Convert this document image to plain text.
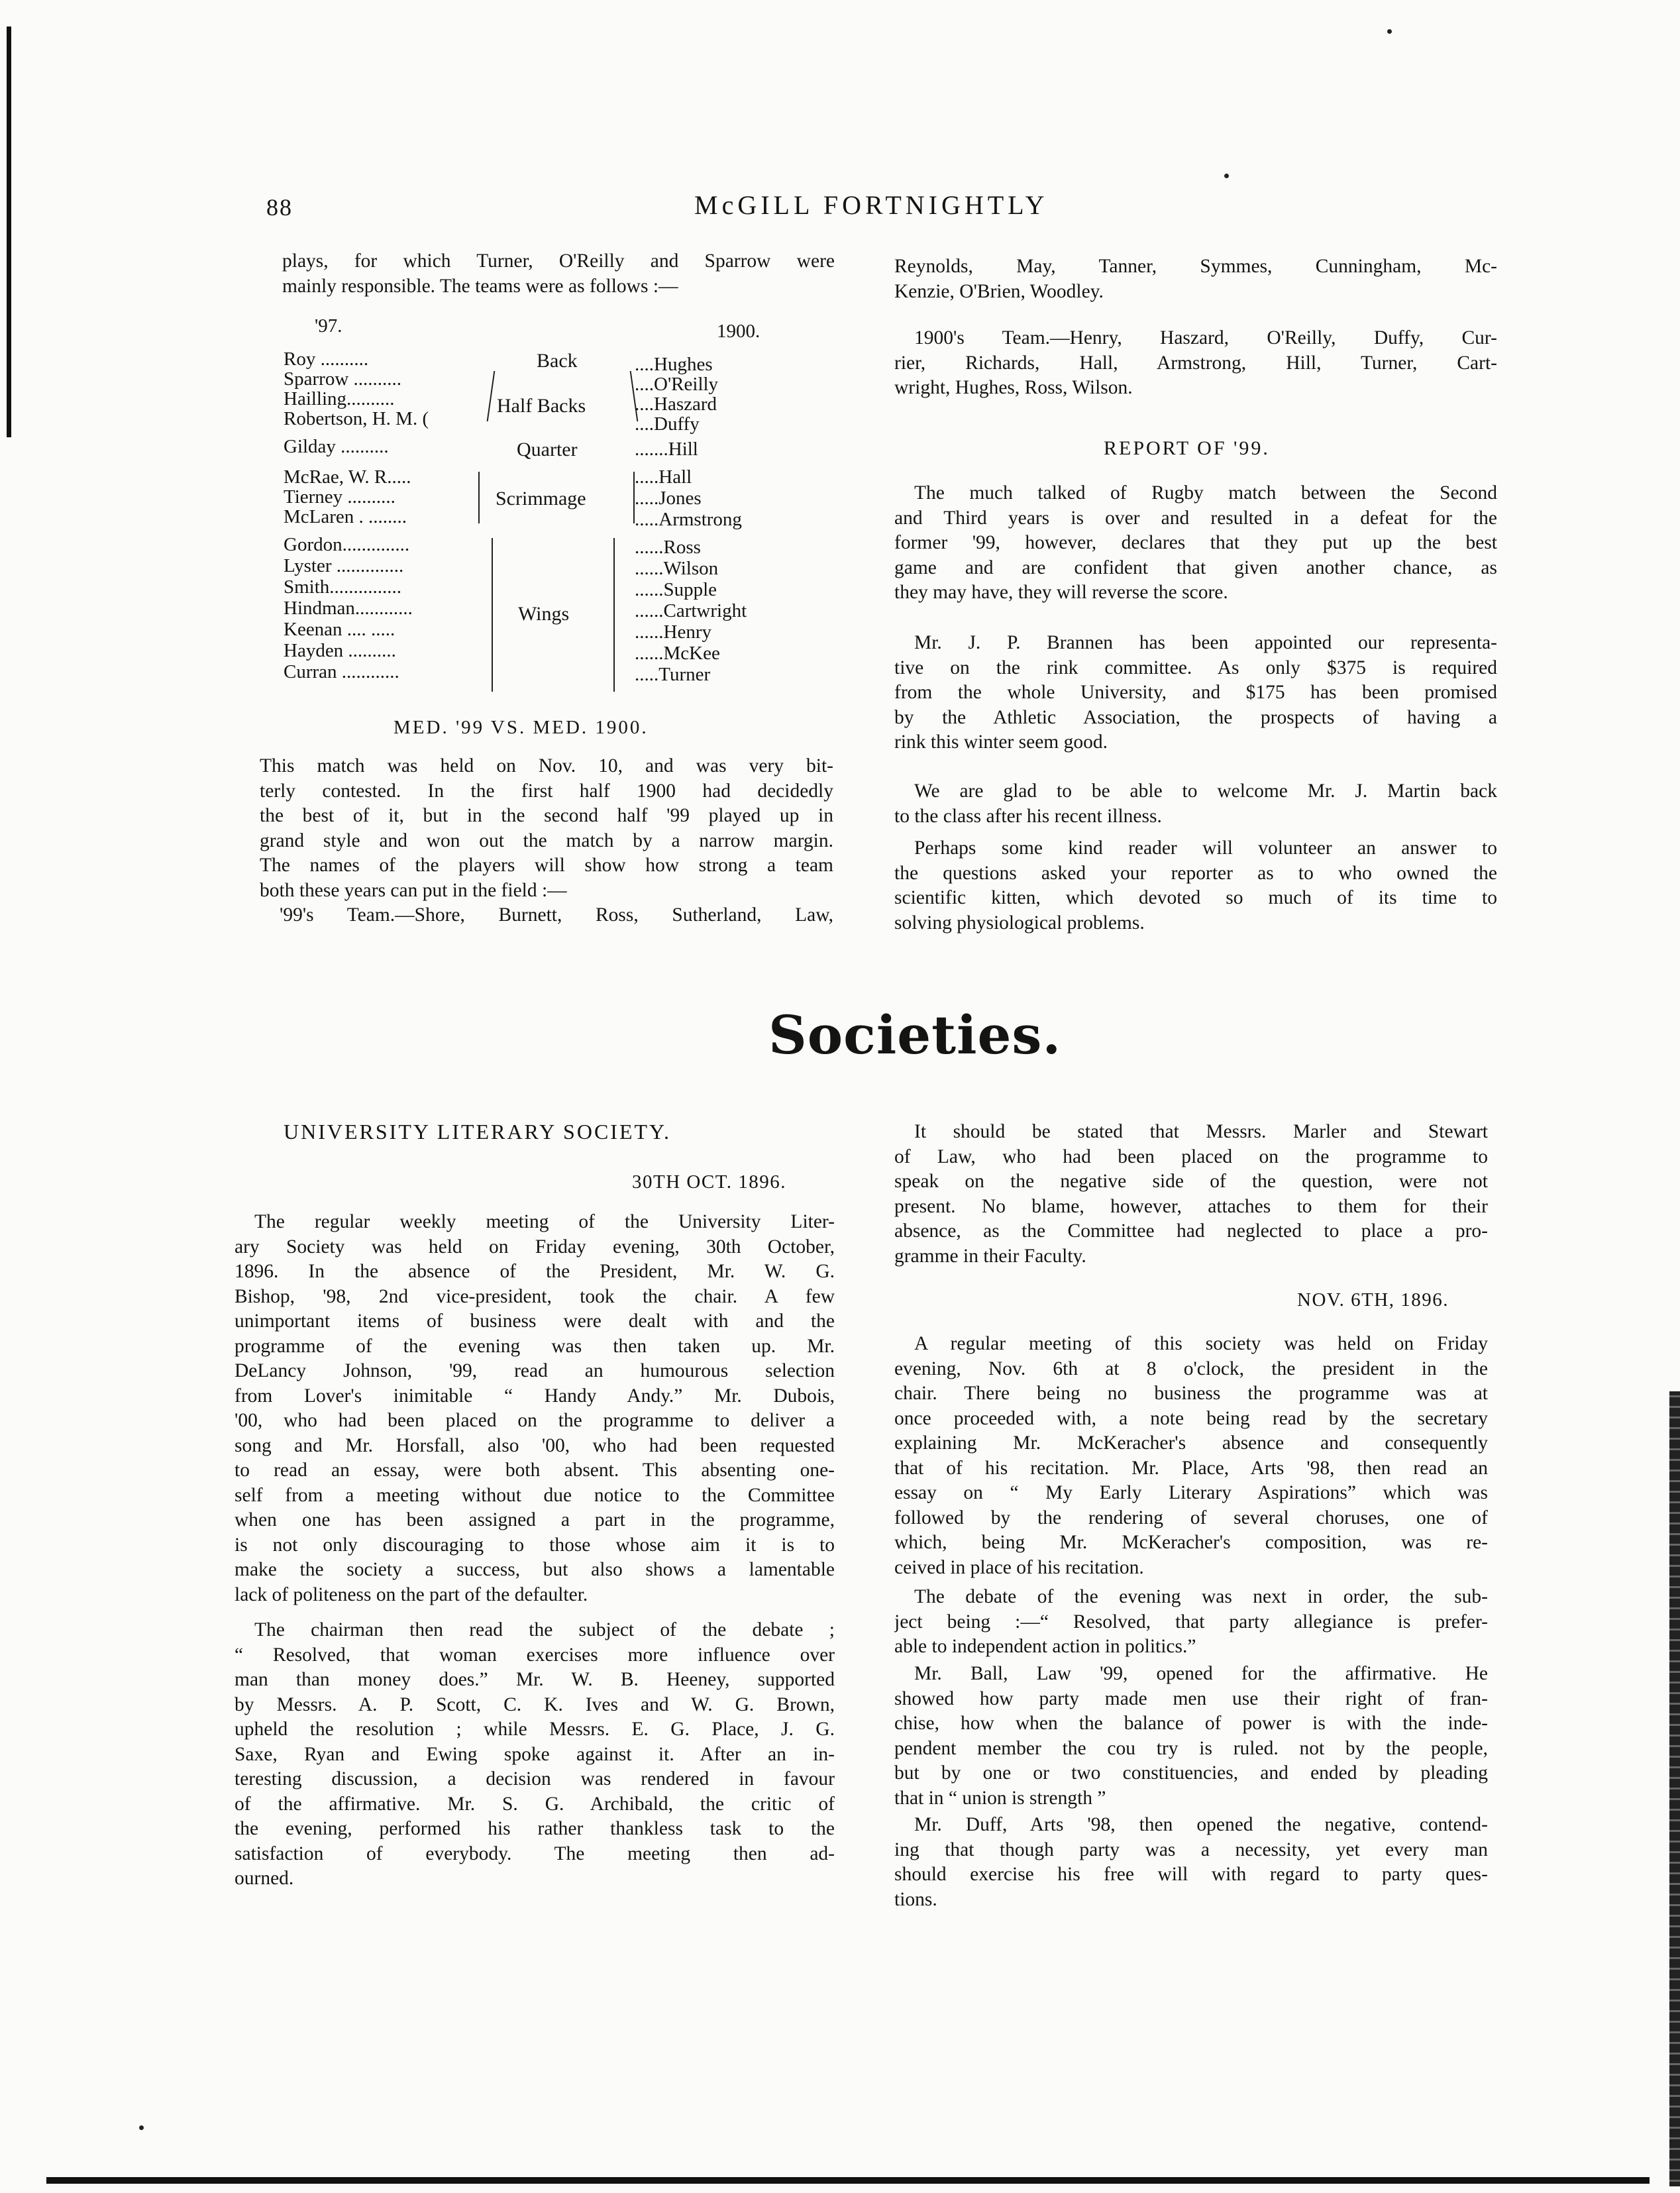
88	McGILL FORTNIGHTLY
plays, for which Turner, O'Reilly and Sparrow were
mainly responsible. The teams were as follows :—
'97.	1900.
Roy ..........
Sparrow ..........
Hailling..........
Robertson, H. M. (
Gilday ..........
McRae, W. R.....
Tierney ..........
McLaren . ........
Gordon..............
Lyster ..............
Smith...............
Hindman............
Keenan .... .....
Hayden ..........
Curran ............
Back
Half Backs
Quarter
Scrimmage
Wings
....Hughes
....O'Reilly
....Haszard
....Duffy
.......Hill
.....Hall
.....Jones
.....Armstrong
......Ross
......Wilson
......Supple
......Cartwright
......Henry
......McKee
.....Turner
MED. '99 VS. MED. 1900.
This match was held on Nov. 10, and was very bit-
terly contested. In the first half 1900 had decidedly
the best of it, but in the second half '99 played up in
grand style and won out the match by a narrow margin.
The names of the players will show how strong a team
both these years can put in the field :—
'99's Team.—Shore, Burnett, Ross, Sutherland, Law,
Reynolds, May, Tanner, Symmes, Cunningham, Mc-
Kenzie, O'Brien, Woodley.
1900's Team.—Henry, Haszard, O'Reilly, Duffy, Cur-
rier, Richards, Hall, Armstrong, Hill, Turner, Cart-
wright, Hughes, Ross, Wilson.
REPORT OF '99.
The much talked of Rugby match between the Second
and Third years is over and resulted in a defeat for the
former '99, however, declares that they put up the best
game and are confident that given another chance, as
they may have, they will reverse the score.
Mr. J. P. Brannen has been appointed our representa-
tive on the rink committee. As only $375 is required
from the whole University, and $175 has been promised
by the Athletic Association, the prospects of having a
rink this winter seem good.
We are glad to be able to welcome Mr. J. Martin back
to the class after his recent illness.
Perhaps some kind reader will volunteer an answer to
the questions asked your reporter as to who owned the
scientific kitten, which devoted so much of its time to
solving physiological problems.
Societies.
UNIVERSITY LITERARY SOCIETY.
30TH OCT. 1896.
The regular weekly meeting of the University Liter-
ary Society was held on Friday evening, 30th October,
1896. In the absence of the President, Mr. W. G.
Bishop, '98, 2nd vice-president, took the chair. A few
unimportant items of business were dealt with and the
programme of the evening was then taken up. Mr.
DeLancy Johnson, '99, read an humourous selection
from Lover's inimitable “ Handy Andy.” Mr. Dubois,
'00, who had been placed on the programme to deliver a
song and Mr. Horsfall, also '00, who had been requested
to read an essay, were both absent. This absenting one-
self from a meeting without due notice to the Committee
when one has been assigned a part in the programme,
is not only discouraging to those whose aim it is to
make the society a success, but also shows a lamentable
lack of politeness on the part of the defaulter.
The chairman then read the subject of the debate ;
“ Resolved, that woman exercises more influence over
man than money does.” Mr. W. B. Heeney, supported
by Messrs. A. P. Scott, C. K. Ives and W. G. Brown,
upheld the resolution ; while Messrs. E. G. Place, J. G.
Saxe, Ryan and Ewing spoke against it. After an in-
teresting discussion, a decision was rendered in favour
of the affirmative. Mr. S. G. Archibald, the critic of
the evening, performed his rather thankless task to the
satisfaction of everybody. The meeting then ad-
ourned.
It should be stated that Messrs. Marler and Stewart
of Law, who had been placed on the programme to
speak on the negative side of the question, were not
present. No blame, however, attaches to them for their
absence, as the Committee had neglected to place a pro-
gramme in their Faculty.
NOV. 6TH, 1896.
A regular meeting of this society was held on Friday
evening, Nov. 6th at 8 o'clock, the president in the
chair. There being no business the programme was at
once proceeded with, a note being read by the secretary
explaining Mr. McKeracher's absence and consequently
that of his recitation. Mr. Place, Arts '98, then read an
essay on “ My Early Literary Aspirations” which was
followed by the rendering of several choruses, one of
which, being Mr. McKeracher's composition, was re-
ceived in place of his recitation.
The debate of the evening was next in order, the sub-
ject being :—“ Resolved, that party allegiance is prefer-
able to independent action in politics.”
Mr. Ball, Law '99, opened for the affirmative. He
showed how party made men use their right of fran-
chise, how when the balance of power is with the inde-
pendent member the cou try is ruled. not by the people,
but by one or two constituencies, and ended by pleading
that in “ union is strength ”
Mr. Duff, Arts '98, then opened the negative, contend-
ing that though party was a necessity, yet every man
should exercise his free will with regard to party ques-
tions.
